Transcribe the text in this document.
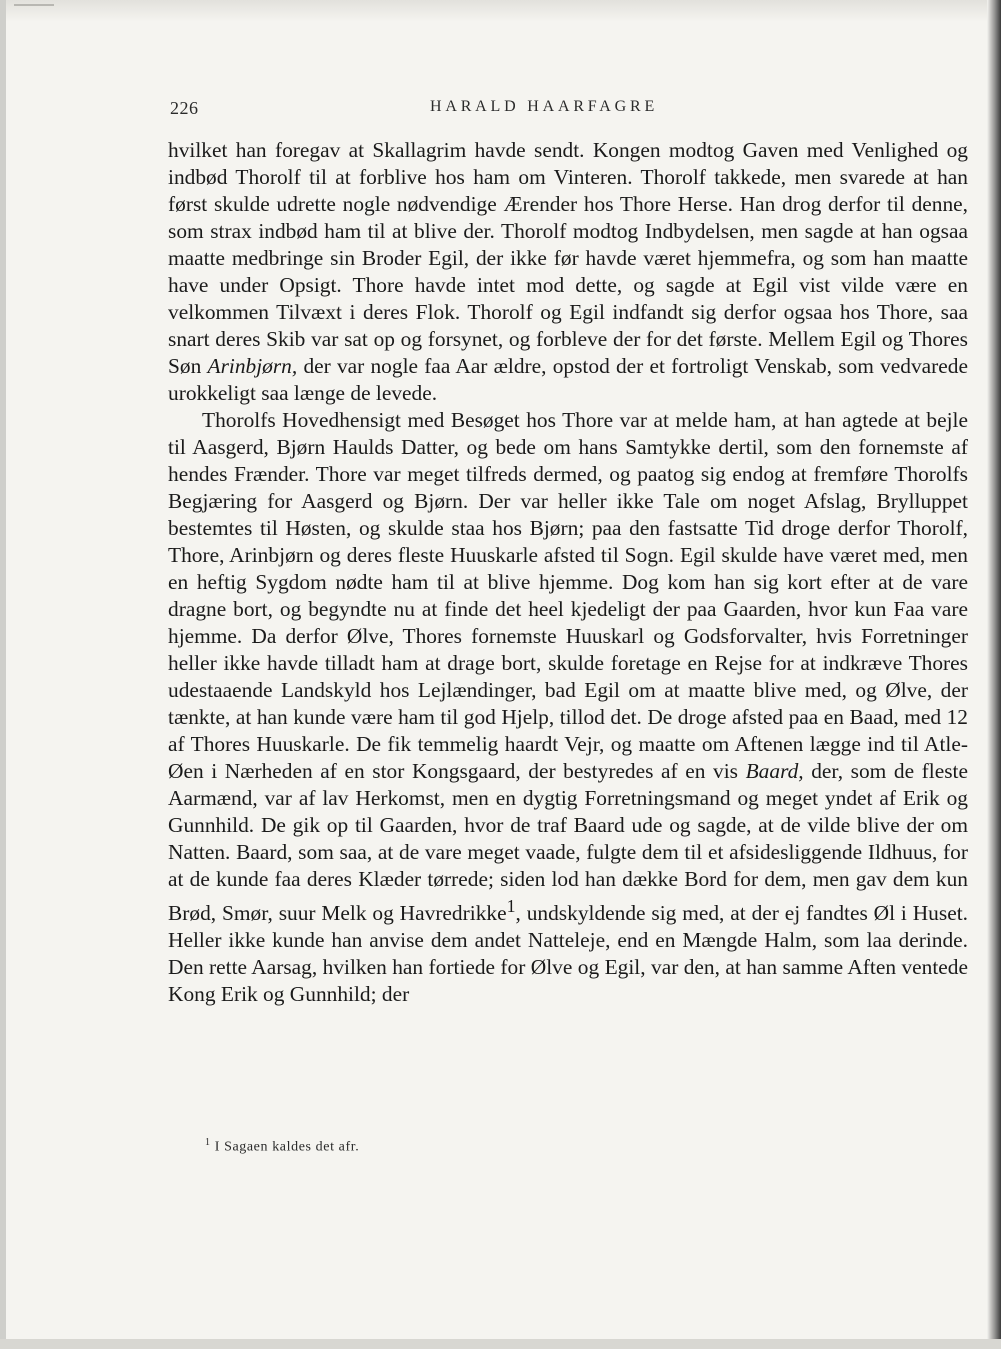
226	HARALD HAARFAGRE

hvilket han foregav at Skallagrim havde sendt. Kongen modtog Gaven med Venlighed og indbød Thorolf til at forblive hos ham om Vinteren. Thorolf takkede, men svarede at han først skulde udrette nogle nødvendige Ærender hos Thore Herse. Han drog derfor til denne, som strax indbød ham til at blive der. Thorolf modtog Indbydelsen, men sagde at han ogsaa maatte medbringe sin Broder Egil, der ikke før havde været hjemmefra, og som han maatte have under Opsigt. Thore havde intet mod dette, og sagde at Egil vist vilde være en velkommen Tilvæxt i deres Flok. Thorolf og Egil indfandt sig derfor ogsaa hos Thore, saa snart deres Skib var sat op og forsynet, og forbleve der for det første. Mellem Egil og Thores Søn Arinbjørn, der var nogle faa Aar ældre, opstod der et fortroligt Venskab, som vedvarede urokkeligt saa længe de levede.

Thorolfs Hovedhensigt med Besøget hos Thore var at melde ham, at han agtede at bejle til Aasgerd, Bjørn Haulds Datter, og bede om hans Samtykke dertil, som den fornemste af hendes Frænder. Thore var meget tilfreds dermed, og paatog sig endog at fremføre Thorolfs Begjæring for Aasgerd og Bjørn. Der var heller ikke Tale om noget Afslag, Brylluppet bestemtes til Høsten, og skulde staa hos Bjørn; paa den fastsatte Tid droge derfor Thorolf, Thore, Arinbjørn og deres fleste Huuskarle afsted til Sogn. Egil skulde have været med, men en heftig Sygdom nødte ham til at blive hjemme. Dog kom han sig kort efter at de vare dragne bort, og begyndte nu at finde det heel kjedeligt der paa Gaarden, hvor kun Faa vare hjemme. Da derfor Ølve, Thores fornemste Huuskarl og Godsforvalter, hvis Forretninger heller ikke havde tilladt ham at drage bort, skulde foretage en Rejse for at indkræve Thores udestaaende Landskyld hos Lejlændinger, bad Egil om at maatte blive med, og Ølve, der tænkte, at han kunde være ham til god Hjelp, tillod det. De droge afsted paa en Baad, med 12 af Thores Huuskarle. De fik temmelig haardt Vejr, og maatte om Aftenen lægge ind til Atle-Øen i Nærheden af en stor Kongsgaard, der bestyredes af en vis Baard, der, som de fleste Aarmænd, var af lav Herkomst, men en dygtig Forretningsmand og meget yndet af Erik og Gunnhild. De gik op til Gaarden, hvor de traf Baard ude og sagde, at de vilde blive der om Natten. Baard, som saa, at de vare meget vaade, fulgte dem til et afsidesliggende Ildhuus, for at de kunde faa deres Klæder tørrede; siden lod han dække Bord for dem, men gav dem kun Brød, Smør, suur Melk og Havredrikke$^1$, undskyldende sig med, at der ej fandtes Øl i Huset. Heller ikke kunde han anvise dem andet Natteleje, end en Mængde Halm, som laa derinde. Den rette Aarsag, hvilken han fortiede for Ølve og Egil, var den, at han samme Aften ventede Kong Erik og Gunnhild; der

$^1$ I Sagaen kaldes det afr.
